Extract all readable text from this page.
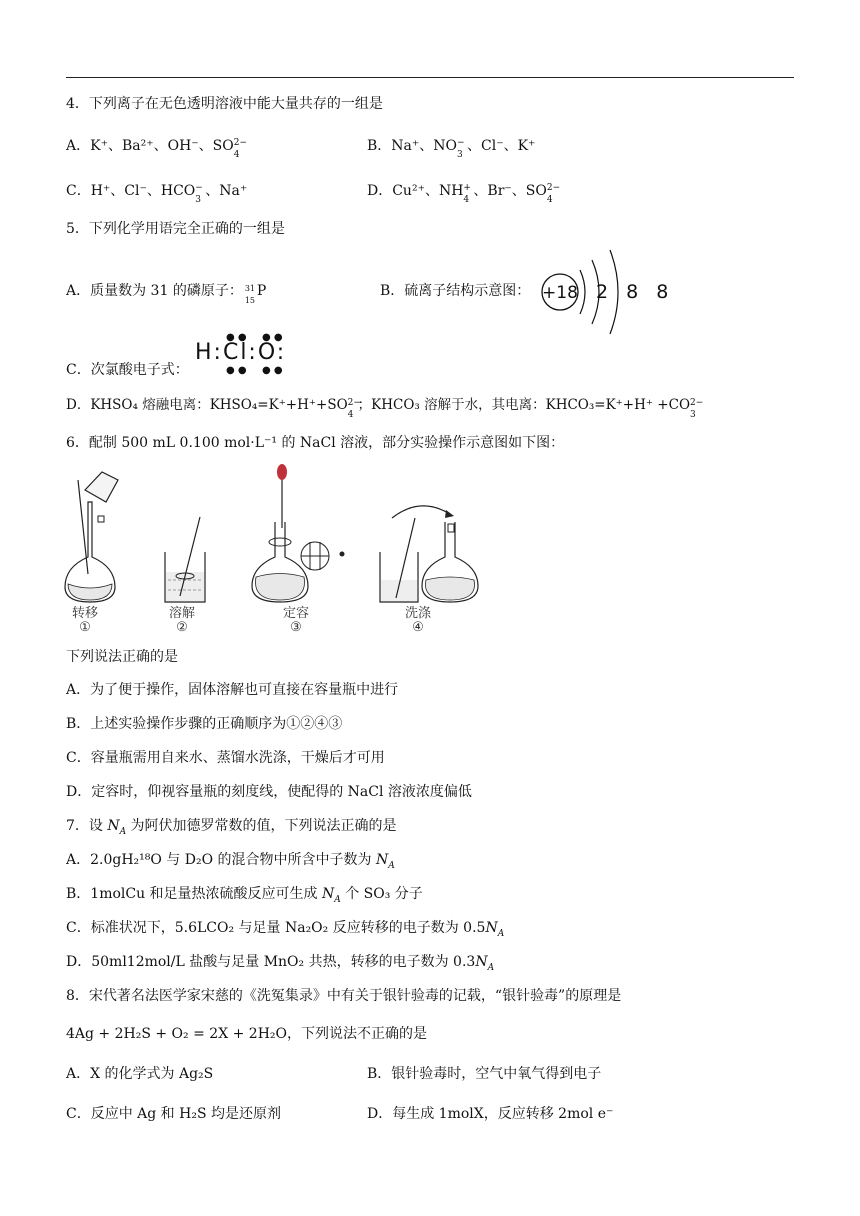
4．下列离子在无色透明溶液中能大量共存的一组是
A．K⁺、Ba²⁺、OH⁻、SO 2−
4
B．Na⁺、NO −
3
、Cl⁻、K⁺
C．H⁺、Cl⁻、HCO −
3
、Na⁺	D．Cu²⁺、NH +
4
、Br⁻、SO 2−
4
5．下列化学用语完全正确的一组是
A．质量数为 31 的磷原子： 31
15
P	B．硫离子结构示意图： +18 2 8 8
C．次氯酸电子式：
H:Cl:O:
● ●
● ●
● ●
● ●
D．KHSO₄ 熔融电离：KHSO₄=K⁺+H⁺+SO 2−
4
；KHCO₃ 溶解于水，其电离：KHCO₃=K⁺+H⁺ +CO 2−
3
6．配制 500 mL 0.100 mol·L⁻¹ 的 NaCl 溶液，部分实验操作示意图如下图：
转移	溶解	定容	洗涤
①	②	③	④
下列说法正确的是
A．为了便于操作，固体溶解也可直接在容量瓶中进行
B．上述实验操作步骤的正确顺序为①②④③
C．容量瓶需用自来水、蒸馏水洗涤，干燥后才可用
D．定容时，仰视容量瓶的刻度线，使配得的 NaCl 溶液浓度偏低
7．设 $N_A$ 为阿伏加德罗常数的值，下列说法正确的是
A．2.0gH₂¹⁸O 与 D₂O 的混合物中所含中子数为 $N_A$
B．1molCu 和足量热浓硫酸反应可生成 $N_A$ 个 SO₃ 分子
C．标准状况下，5.6LCO₂ 与足量 Na₂O₂ 反应转移的电子数为 $0.5N_A$
D．50ml12mol/L 盐酸与足量 MnO₂ 共热，转移的电子数为 $0.3N_A$
8．宋代著名法医学家宋慈的《洗冤集录》中有关于银针验毒的记载，“银针验毒”的原理是
4Ag + 2H₂S + O₂ = 2X + 2H₂O，下列说法不正确的是
A．X 的化学式为 Ag₂S	B．银针验毒时，空气中氧气得到电子
C．反应中 Ag 和 H₂S 均是还原剂	D．每生成 1molX，反应转移 2mol e⁻
